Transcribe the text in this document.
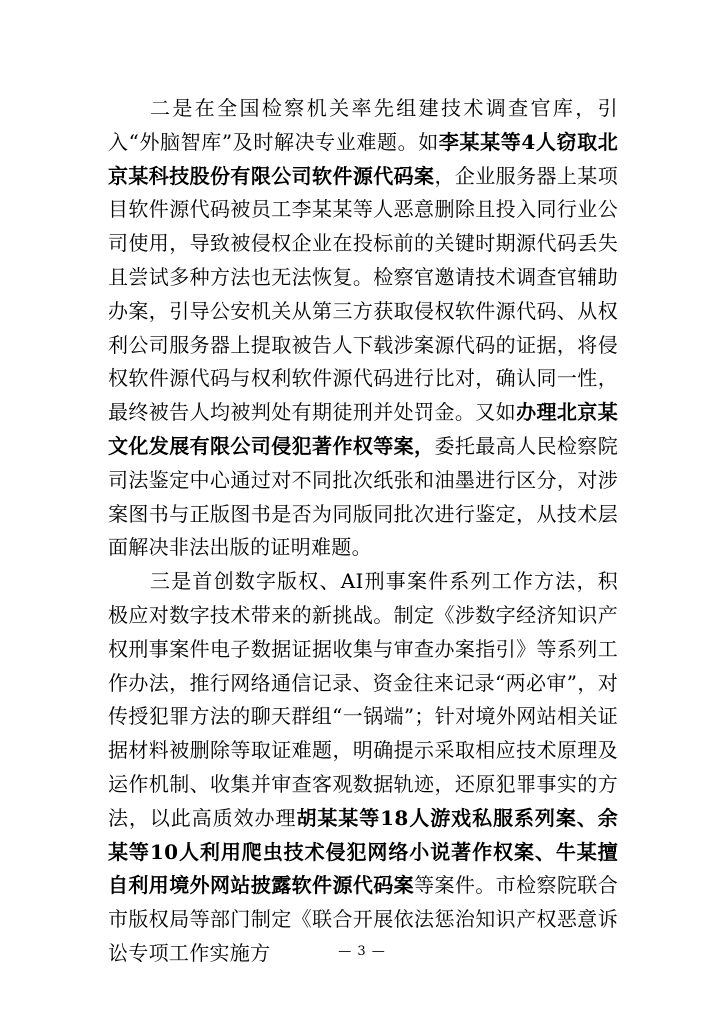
二是在全国检察机关率先组建技术调查官库，引入“外脑智库”及时解决专业难题。如李某某等4人窃取北京某科技股份有限公司软件源代码案，企业服务器上某项目软件源代码被员工李某某等人恶意删除且投入同行业公司使用，导致被侵权企业在投标前的关键时期源代码丢失且尝试多种方法也无法恢复。检察官邀请技术调查官辅助办案，引导公安机关从第三方获取侵权软件源代码、从权利公司服务器上提取被告人下载涉案源代码的证据，将侵权软件源代码与权利软件源代码进行比对，确认同一性，最终被告人均被判处有期徒刑并处罚金。又如办理北京某文化发展有限公司侵犯著作权等案，委托最高人民检察院司法鉴定中心通过对不同批次纸张和油墨进行区分，对涉案图书与正版图书是否为同版同批次进行鉴定，从技术层面解决非法出版的证明难题。

三是首创数字版权、AI刑事案件系列工作方法，积极应对数字技术带来的新挑战。制定《涉数字经济知识产权刑事案件电子数据证据收集与审查办案指引》等系列工作办法，推行网络通信记录、资金往来记录“两必审”，对传授犯罪方法的聊天群组“一锅端”；针对境外网站相关证据材料被删除等取证难题，明确提示采取相应技术原理及运作机制、收集并审查客观数据轨迹，还原犯罪事实的方法，以此高质效办理胡某某等18人游戏私服系列案、余某等10人利用爬虫技术侵犯网络小说著作权案、牛某擅自利用境外网站披露软件源代码案等案件。市检察院联合市版权局等部门制定《联合开展依法惩治知识产权恶意诉讼专项工作实施方	— 3 —
